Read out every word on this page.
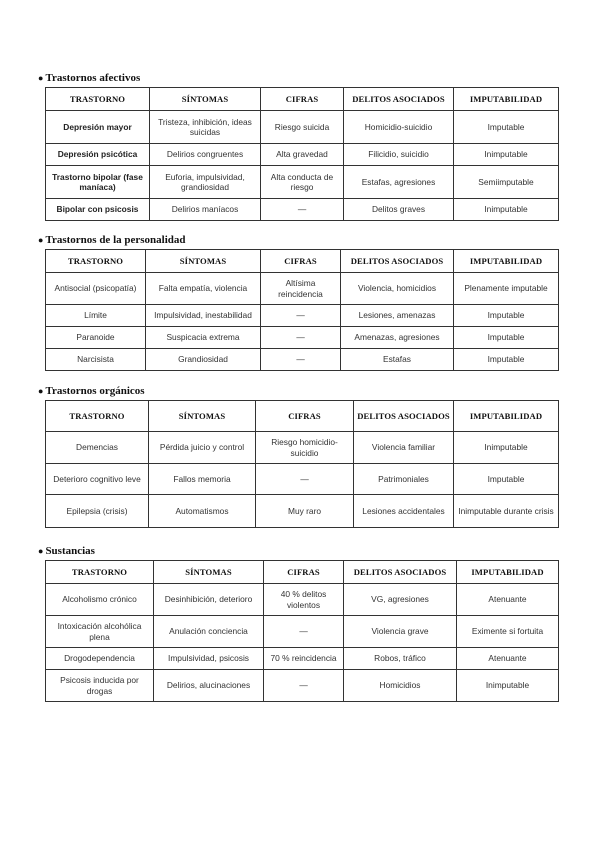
● Trastornos afectivos
TRASTORNO	SÍNTOMAS	CIFRAS	DELITOS ASOCIADOS	IMPUTABILIDAD
Depresión mayor	Tristeza, inhibición, ideas suicidas	Riesgo suicida	Homicidio-suicidio	Imputable
Depresión psicótica	Delirios congruentes	Alta gravedad	Filicidio, suicidio	Inimputable
Trastorno bipolar (fase maníaca)	Euforia, impulsividad, grandiosidad	Alta conducta de riesgo	Estafas, agresiones	Semiimputable
Bipolar con psicosis	Delirios maníacos	—	Delitos graves	Inimputable
● Trastornos de la personalidad
TRASTORNO	SÍNTOMAS	CIFRAS	DELITOS ASOCIADOS	IMPUTABILIDAD
Antisocial (psicopatía)	Falta empatía, violencia	Altísima reincidencia	Violencia, homicidios	Plenamente imputable
Límite	Impulsividad, inestabilidad	—	Lesiones, amenazas	Imputable
Paranoide	Suspicacia extrema	—	Amenazas, agresiones	Imputable
Narcisista	Grandiosidad	—	Estafas	Imputable
● Trastornos orgánicos
TRASTORNO	SÍNTOMAS	CIFRAS	DELITOS ASOCIADOS	IMPUTABILIDAD
Demencias	Pérdida juicio y control	Riesgo homicidio-suicidio	Violencia familiar	Inimputable
Deterioro cognitivo leve	Fallos memoria	—	Patrimoniales	Imputable
Epilepsia (crisis)	Automatismos	Muy raro	Lesiones accidentales	Inimputable durante crisis
● Sustancias
TRASTORNO	SÍNTOMAS	CIFRAS	DELITOS ASOCIADOS	IMPUTABILIDAD
Alcoholismo crónico	Desinhibición, deterioro	40 % delitos violentos	VG, agresiones	Atenuante
Intoxicación alcohólica plena	Anulación conciencia	—	Violencia grave	Eximente si fortuita
Drogodependencia	Impulsividad, psicosis	70 % reincidencia	Robos, tráfico	Atenuante
Psicosis inducida por drogas	Delirios, alucinaciones	—	Homicidios	Inimputable
